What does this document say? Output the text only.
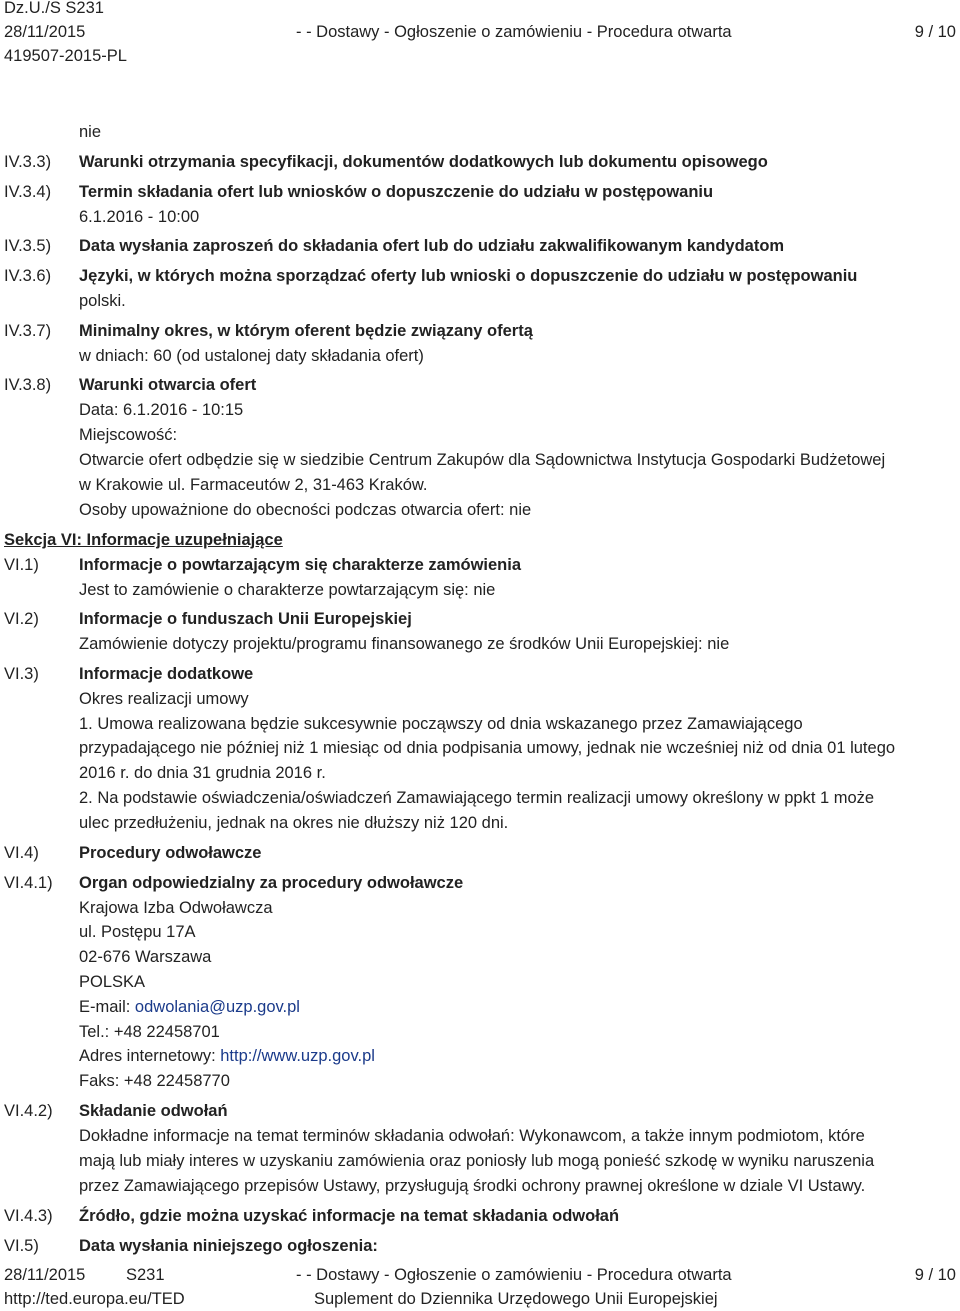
Dz.U./S S231
28/11/2015	- - Dostawy - Ogłoszenie o zamówieniu - Procedura otwarta	9 / 10
419507-2015-PL
nie
IV.3.3) Warunki otrzymania specyfikacji, dokumentów dodatkowych lub dokumentu opisowego
IV.3.4) Termin składania ofert lub wniosków o dopuszczenie do udziału w postępowaniu
6.1.2016 - 10:00
IV.3.5) Data wysłania zaproszeń do składania ofert lub do udziału zakwalifikowanym kandydatom
IV.3.6) Języki, w których można sporządzać oferty lub wnioski o dopuszczenie do udziału w postępowaniu
polski.
IV.3.7) Minimalny okres, w którym oferent będzie związany ofertą
w dniach: 60 (od ustalonej daty składania ofert)
IV.3.8) Warunki otwarcia ofert
Data: 6.1.2016 - 10:15
Miejscowość:
Otwarcie ofert odbędzie się w siedzibie Centrum Zakupów dla Sądownictwa Instytucja Gospodarki Budżetowej
w Krakowie ul. Farmaceutów 2, 31-463 Kraków.
Osoby upoważnione do obecności podczas otwarcia ofert: nie
Sekcja VI: Informacje uzupełniające
VI.1) Informacje o powtarzającym się charakterze zamówienia
Jest to zamówienie o charakterze powtarzającym się: nie
VI.2) Informacje o funduszach Unii Europejskiej
Zamówienie dotyczy projektu/programu finansowanego ze środków Unii Europejskiej: nie
VI.3) Informacje dodatkowe
Okres realizacji umowy
1. Umowa realizowana będzie sukcesywnie począwszy od dnia wskazanego przez Zamawiającego
przypadającego nie później niż 1 miesiąc od dnia podpisania umowy, jednak nie wcześniej niż od dnia 01 lutego
2016 r. do dnia 31 grudnia 2016 r.
2. Na podstawie oświadczenia/oświadczeń Zamawiającego termin realizacji umowy określony w ppkt 1 może
ulec przedłużeniu, jednak na okres nie dłuższy niż 120 dni.
VI.4) Procedury odwoławcze
VI.4.1) Organ odpowiedzialny za procedury odwoławcze
Krajowa Izba Odwoławcza
ul. Postępu 17A
02-676 Warszawa
POLSKA
E-mail: odwolania@uzp.gov.pl
Tel.: +48 22458701
Adres internetowy: http://www.uzp.gov.pl
Faks: +48 22458770
VI.4.2) Składanie odwołań
Dokładne informacje na temat terminów składania odwołań: Wykonawcom, a także innym podmiotom, które
mają lub miały interes w uzyskaniu zamówienia oraz poniosły lub mogą ponieść szkodę w wyniku naruszenia
przez Zamawiającego przepisów Ustawy, przysługują środki ochrony prawnej określone w dziale VI Ustawy.
VI.4.3) Źródło, gdzie można uzyskać informacje na temat składania odwołań
VI.5) Data wysłania niniejszego ogłoszenia:
28/11/2015 S231	- - Dostawy - Ogłoszenie o zamówieniu - Procedura otwarta	9 / 10
http://ted.europa.eu/TED	Suplement do Dziennika Urzędowego Unii Europejskiej
